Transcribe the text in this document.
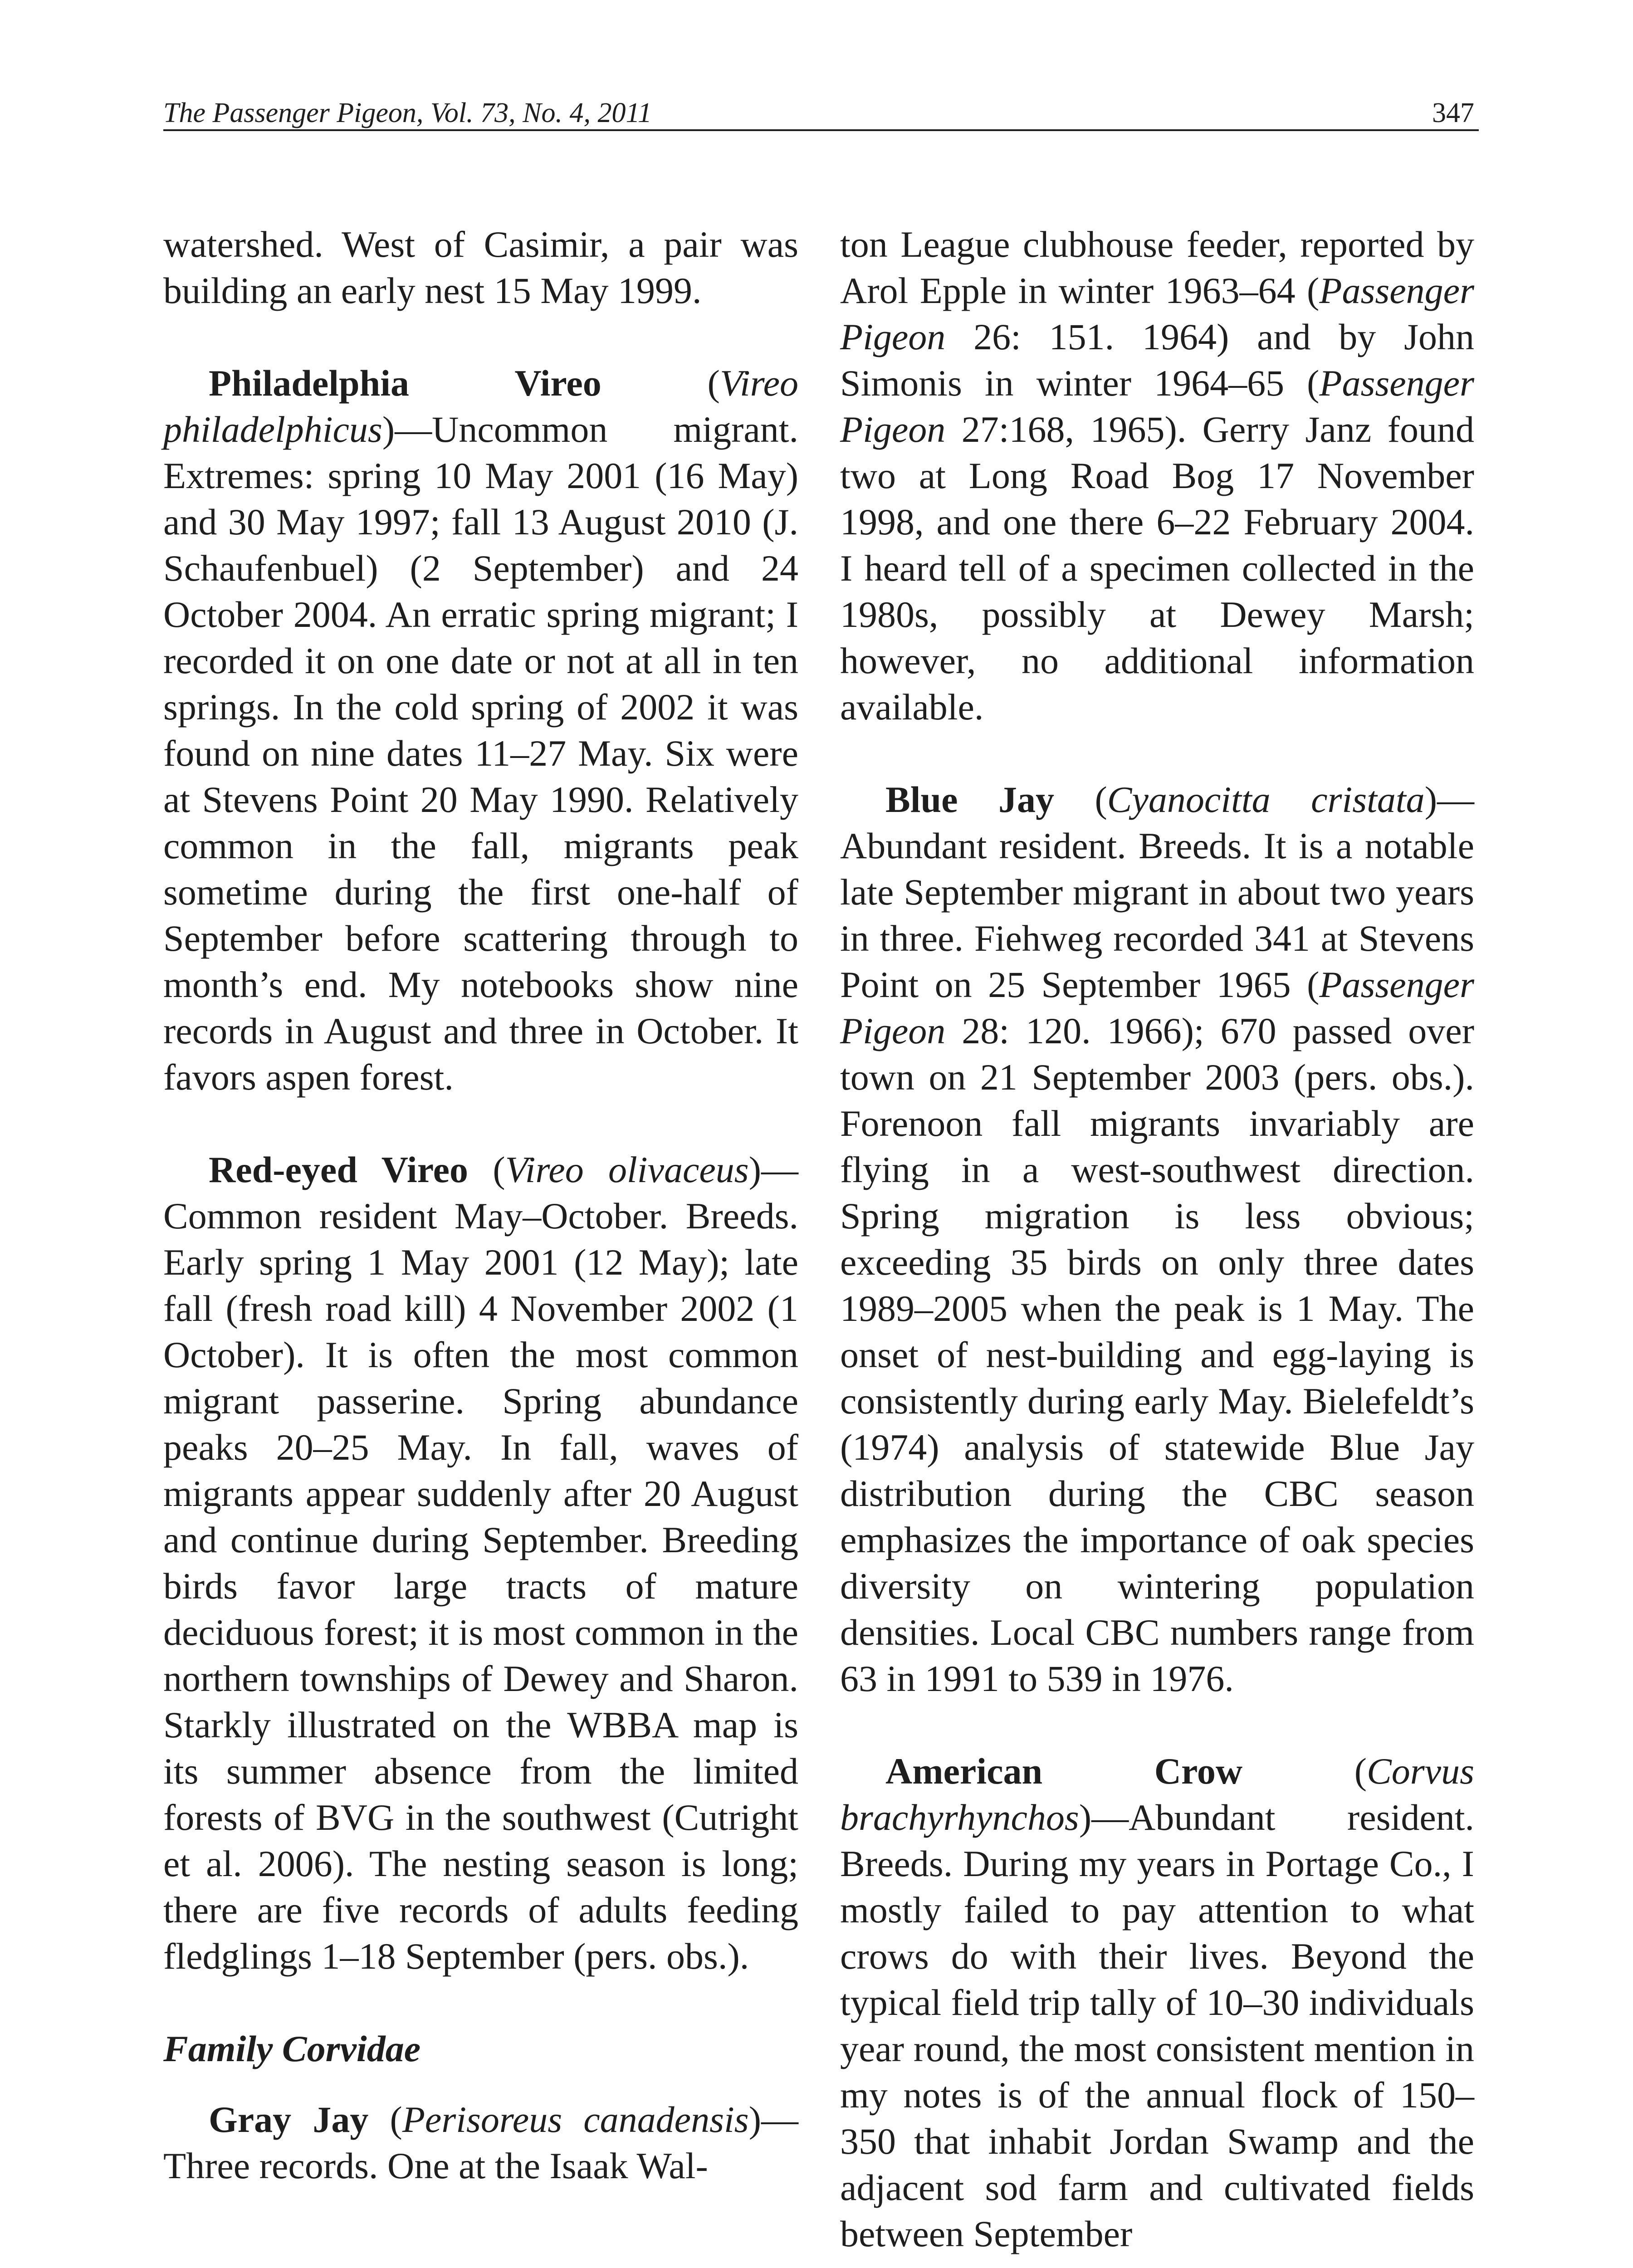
The Passenger Pigeon, Vol. 73, No. 4, 2011	347

watershed. West of Casimir, a pair was building an early nest 15 May 1999.

Philadelphia Vireo (Vireo philadelphicus)—Uncommon migrant. Extremes: spring 10 May 2001 (16 May) and 30 May 1997; fall 13 August 2010 (J. Schaufenbuel) (2 September) and 24 October 2004. An erratic spring migrant; I recorded it on one date or not at all in ten springs. In the cold spring of 2002 it was found on nine dates 11–27 May. Six were at Stevens Point 20 May 1990. Relatively common in the fall, migrants peak sometime during the first one-half of September before scattering through to month’s end. My notebooks show nine records in August and three in October. It favors aspen forest.

Red-eyed Vireo (Vireo olivaceus)—Common resident May–October. Breeds. Early spring 1 May 2001 (12 May); late fall (fresh road kill) 4 November 2002 (1 October). It is often the most common migrant passerine. Spring abundance peaks 20–25 May. In fall, waves of migrants appear suddenly after 20 August and continue during September. Breeding birds favor large tracts of mature deciduous forest; it is most common in the northern townships of Dewey and Sharon. Starkly illustrated on the WBBA map is its summer absence from the limited forests of BVG in the southwest (Cutright et al. 2006). The nesting season is long; there are five records of adults feeding fledglings 1–18 September (pers. obs.).

Family Corvidae

Gray Jay (Perisoreus canadensis)—Three records. One at the Isaak Wal-

ton League clubhouse feeder, reported by Arol Epple in winter 1963–64 (Passenger Pigeon 26: 151. 1964) and by John Simonis in winter 1964–65 (Passenger Pigeon 27:168, 1965). Gerry Janz found two at Long Road Bog 17 November 1998, and one there 6–22 February 2004. I heard tell of a specimen collected in the 1980s, possibly at Dewey Marsh; however, no additional information available.

Blue Jay (Cyanocitta cristata)—Abundant resident. Breeds. It is a notable late September migrant in about two years in three. Fiehweg recorded 341 at Stevens Point on 25 September 1965 (Passenger Pigeon 28: 120. 1966); 670 passed over town on 21 September 2003 (pers. obs.). Forenoon fall migrants invariably are flying in a west-southwest direction. Spring migration is less obvious; exceeding 35 birds on only three dates 1989–2005 when the peak is 1 May. The onset of nest-building and egg-laying is consistently during early May. Bielefeldt’s (1974) analysis of statewide Blue Jay distribution during the CBC season emphasizes the importance of oak species diversity on wintering population densities. Local CBC numbers range from 63 in 1991 to 539 in 1976.

American Crow (Corvus brachyrhynchos)—Abundant resident. Breeds. During my years in Portage Co., I mostly failed to pay attention to what crows do with their lives. Beyond the typical field trip tally of 10–30 individuals year round, the most consistent mention in my notes is of the annual flock of 150–350 that inhabit Jordan Swamp and the adjacent sod farm and cultivated fields between September
